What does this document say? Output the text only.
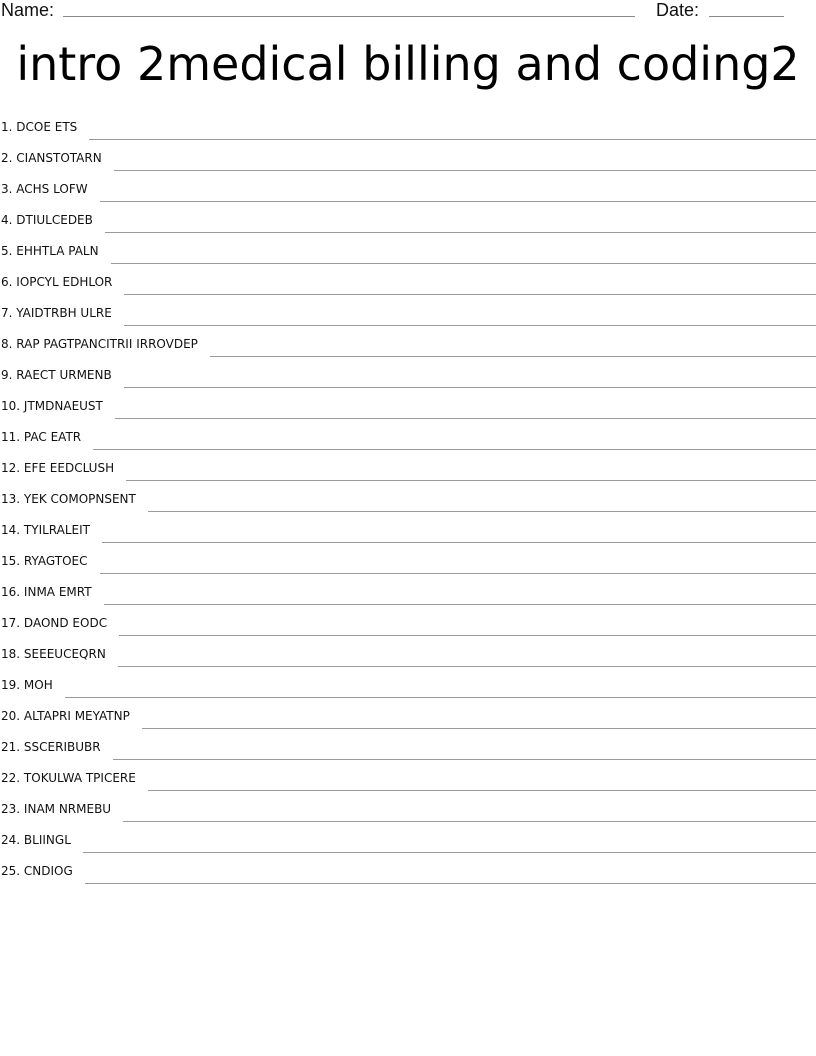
Name:	Date:
intro 2medical billing and coding2
1. DCOE ETS
2. CIANSTOTARN
3. ACHS LOFW
4. DTIULCEDEB
5. EHHTLA PALN
6. IOPCYL EDHLOR
7. YAIDTRBH ULRE
8. RAP PAGTPANCITRII IRROVDEP
9. RAECT URMENB
10. JTMDNAEUST
11. PAC EATR
12. EFE EEDCLUSH
13. YEK COMOPNSENT
14. TYILRALEIT
15. RYAGTOEC
16. INMA EMRT
17. DAOND EODC
18. SEEEUCEQRN
19. MOH
20. ALTAPRI MEYATNP
21. SSCERIBUBR
22. TOKULWA TPICERE
23. INAM NRMEBU
24. BLIINGL
25. CNDIOG
